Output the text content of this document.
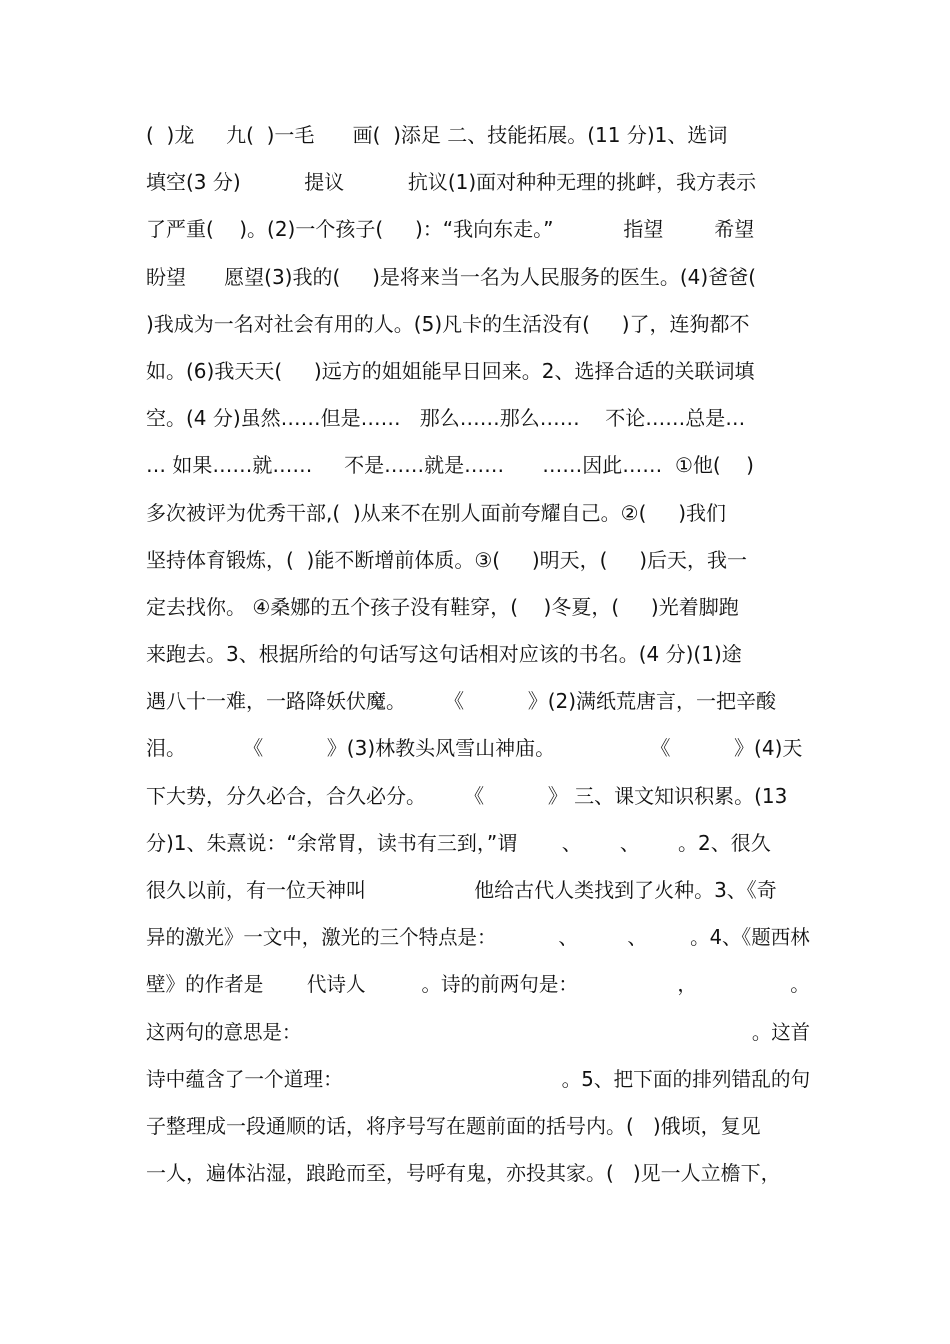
(  )龙     九(  )一毛      画(  )添足 二、技能拓展。(11 分)1、选词
填空(3 分)          提议          抗议(1)面对种种无理的挑衅，我方表示
了严重(    )。(2)一个孩子(     )：“我向东走。”           指望        希望
盼望      愿望(3)我的(     )是将来当一名为人民服务的医生。(4)爸爸(
)我成为一名对社会有用的人。(5)凡卡的生活没有(     )了，连狗都不
如。(6)我天天(     )远方的姐姐能早日回来。2、选择合适的关联词填
空。(4 分)虽然……但是……   那么……那么……    不论……总是…
… 如果……就……     不是……就是……      ……因此……  ①他(    )
多次被评为优秀干部,(  )从来不在别人面前夸耀自己。②(     )我们
坚持体育锻炼，(  )能不断增前体质。③(     )明天，(     )后天，我一
定去找你。 ④桑娜的五个孩子没有鞋穿，(    )冬夏，(     )光着脚跑
来跑去。3、根据所给的句话写这句话相对应该的书名。(4 分)(1)途
遇八十一难，一路降妖伏魔。      《          》(2)满纸荒唐言，一把辛酸
泪。         《          》(3)林教头风雪山神庙。               《          》(4)天
下大势，分久必合，合久必分。      《          》 三、课文知识积累。(13
分)1、朱熹说：“余常胃，读书有三到，”谓       、      、      。2、很久
很久以前，有一位天神叫                 他给古代人类找到了火种。3、《奇
异的激光》一文中，激光的三个特点是：          、        、       。4、《题西林
壁》的作者是       代诗人         。诗的前两句是：                ，               。
这两句的意思是：                                                                         。这首
诗中蕴含了一个道理：                                   。5、把下面的排列错乱的句
子整理成一段通顺的话，将序号写在题前面的括号内。(   )俄顷，复见
一人，遍体沾湿，踉跄而至，号呼有鬼，亦投其家。(   )见一人立檐下，
